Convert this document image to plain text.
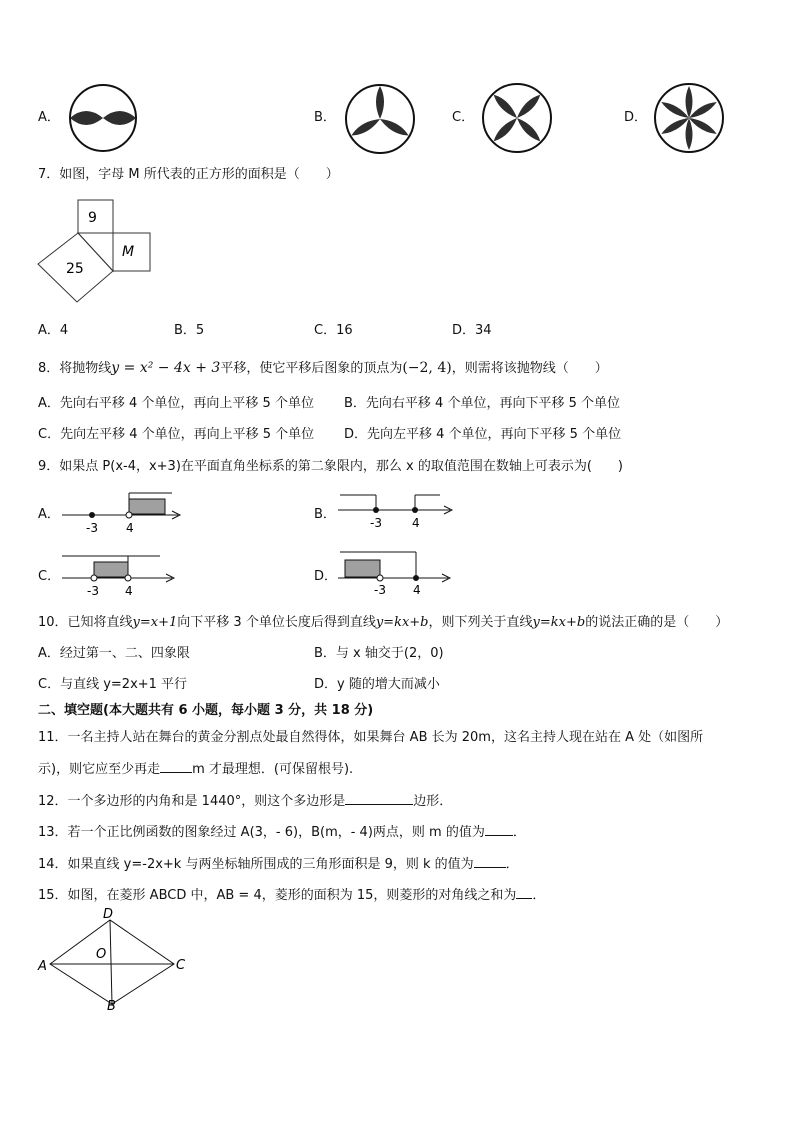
A．	B．	C．	D．
7．如图，字母 M 所代表的正方形的面积是（　　）
9
25
M
A．4	B．5	C．16	D．34
8．将抛物线y = x² − 4x + 3平移，使它平移后图象的顶点为(−2, 4)，则需将该抛物线（　　）
A．先向右平移 4 个单位，再向上平移 5 个单位 B．先向右平移 4 个单位，再向下平移 5 个单位
C．先向左平移 4 个单位，再向上平移 5 个单位 D．先向左平移 4 个单位，再向下平移 5 个单位
9．如果点 P(x-4，x+3)在平面直角坐标系的第二象限内，那么 x 的取值范围在数轴上可表示为(　　)
A．
-3 4
B．
-3	4
C．
-3 4
D．
-3 4
10．已知将直线y=x+1向下平移 3 个单位长度后得到直线y=kx+b，则下列关于直线y=kx+b的说法正确的是（　　）
A．经过第一、二、四象限	B．与 x 轴交于(2，0)
C．与直线 y=2x+1 平行	D．y 随的增大而减小
二、填空题(本大题共有 6 小题，每小题 3 分，共 18 分)
11．一名主持人站在舞台的黄金分割点处最自然得体，如果舞台 AB 长为 20m，这名主持人现在站在 A 处（如图所
示)，则它应至少再走 m 才最理想．(可保留根号).
12．一个多边形的内角和是 1440°，则这个多边形是	边形．
13．若一个正比例函数的图象经过 A(3，- 6)，B(m，- 4)两点，则 m 的值为 ．
14．如果直线 y=-2x+k 与两坐标轴所围成的三角形面积是 9，则 k 的值为 ．
15．如图，在菱形 ABCD 中，AB = 4，菱形的面积为 15，则菱形的对角线之和为 ．
A
D
C
B
O
